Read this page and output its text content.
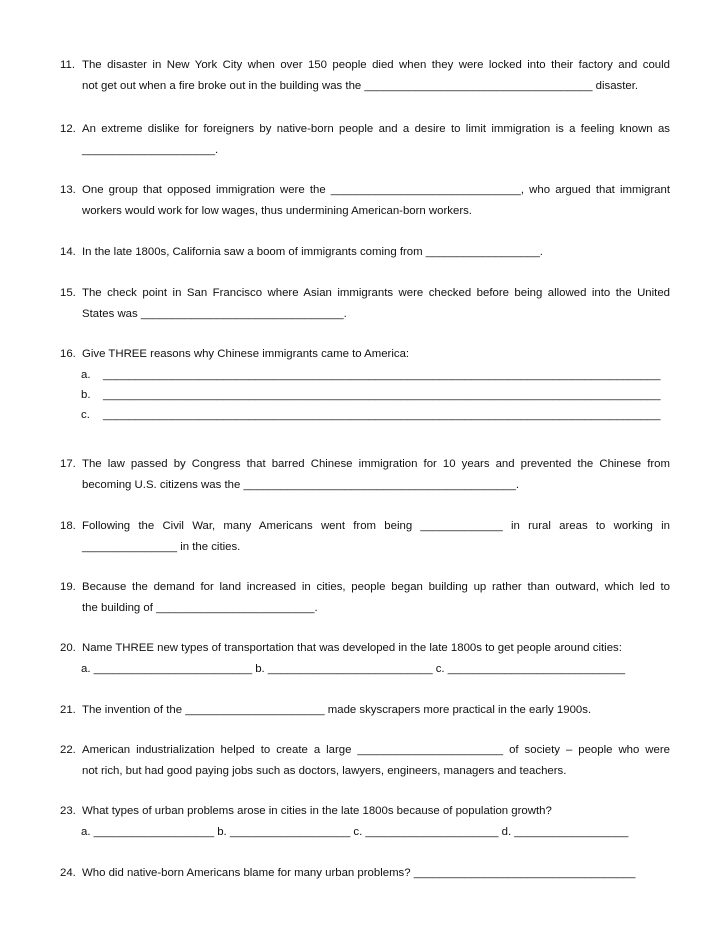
11. The disaster in New York City when over 150 people died when they were locked into their factory and could
not get out when a fire broke out in the building was the ____________________________________ disaster.
12. An extreme dislike for foreigners by native-born people and a desire to limit immigration is a feeling known as
_____________________.
13. One group that opposed immigration were the ______________________________, who argued that immigrant
workers would work for low wages, thus undermining American-born workers.
14. In the late 1800s, California saw a boom of immigrants coming from __________________.
15. The check point in San Francisco where Asian immigrants were checked before being allowed into the United
States was ________________________________.
16. Give THREE reasons why Chinese immigrants came to America:
a. ________________________________________________________________________________________
b. ________________________________________________________________________________________
c. ________________________________________________________________________________________
17. The law passed by Congress that barred Chinese immigration for 10 years and prevented the Chinese from
becoming U.S. citizens was the ___________________________________________.
18. Following the Civil War, many Americans went from being _____________ in rural areas to working in
_______________ in the cities.
19. Because the demand for land increased in cities, people began building up rather than outward, which led to
the building of _________________________.
20. Name THREE new types of transportation that was developed in the late 1800s to get people around cities:
a. _________________________ b. __________________________ c. ____________________________
21. The invention of the ______________________ made skyscrapers more practical in the early 1900s.
22. American industrialization helped to create a large _______________________ of society – people who were
not rich, but had good paying jobs such as doctors, lawyers, engineers, managers and teachers.
23. What types of urban problems arose in cities in the late 1800s because of population growth?
a. ___________________ b. ___________________ c. _____________________ d. __________________
24. Who did native-born Americans blame for many urban problems? ___________________________________
